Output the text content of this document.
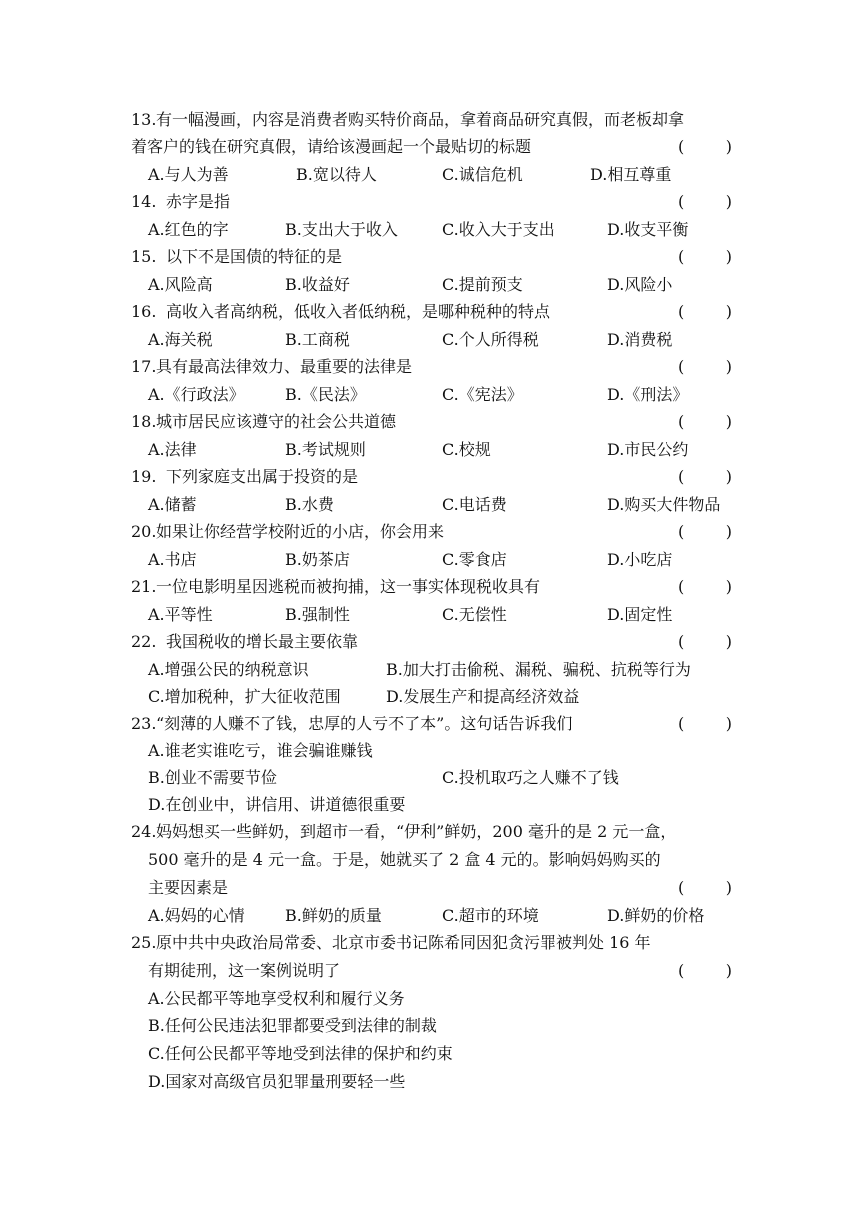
13. 有一幅漫画，内容是消费者购买特价商品，拿着商品研究真假，而老板却拿
着客户的钱在研究真假，请给该漫画起一个最贴切的标题	(	)
A.与人为善	B.宽以待人	C.诚信危机	D.相互尊重
14. 赤字是指	(	)
A.红色的字	B.支出大于收入	C.收入大于支出	D.收支平衡
15. 以下不是国债的特征的是	(	)
A.风险高	B.收益好	C.提前预支	D.风险小
16. 高收入者高纳税，低收入者低纳税，是哪种税种的特点	(	)
A.海关税	B.工商税	C.个人所得税	D.消费税
17. 具有最高法律效力、最重要的法律是	(	)
A.《行政法》	B.《民法》	C.《宪法》	D.《刑法》
18. 城市居民应该遵守的社会公共道德	(	)
A.法律	B.考试规则	C.校规	D.市民公约
19. 下列家庭支出属于投资的是	(	)
A.储蓄	B.水费	C.电话费	D.购买大件物品
20. 如果让你经营学校附近的小店，你会用来	(	)
A.书店	B.奶茶店	C.零食店	D.小吃店
21. 一位电影明星因逃税而被拘捕，这一事实体现税收具有	(	)
A.平等性	B.强制性	C.无偿性	D.固定性
22. 我国税收的增长最主要依靠	(	)
A.增强公民的纳税意识	B.加大打击偷税、漏税、骗税、抗税等行为
C.增加税种，扩大征收范围	D.发展生产和提高经济效益
23. “刻薄的人赚不了钱，忠厚的人亏不了本”。这句话告诉我们	(	)
A.谁老实谁吃亏，谁会骗谁赚钱
B.创业不需要节俭	C.投机取巧之人赚不了钱
D.在创业中，讲信用、讲道德很重要
24. 妈妈想买一些鲜奶，到超市一看，“伊利”鲜奶，200 毫升的是 2 元一盒，
500 毫升的是 4 元一盒。于是，她就买了 2 盒 4 元的。影响妈妈购买的
主要因素是	(	)
A.妈妈的心情	B.鲜奶的质量	C.超市的环境	D.鲜奶的价格
25. 原中共中央政治局常委、北京市委书记陈希同因犯贪污罪被判处 16 年
有期徒刑，这一案例说明了	(	)
A.公民都平等地享受权利和履行义务
B.任何公民违法犯罪都要受到法律的制裁
C.任何公民都平等地受到法律的保护和约束
D.国家对高级官员犯罪量刑要轻一些
